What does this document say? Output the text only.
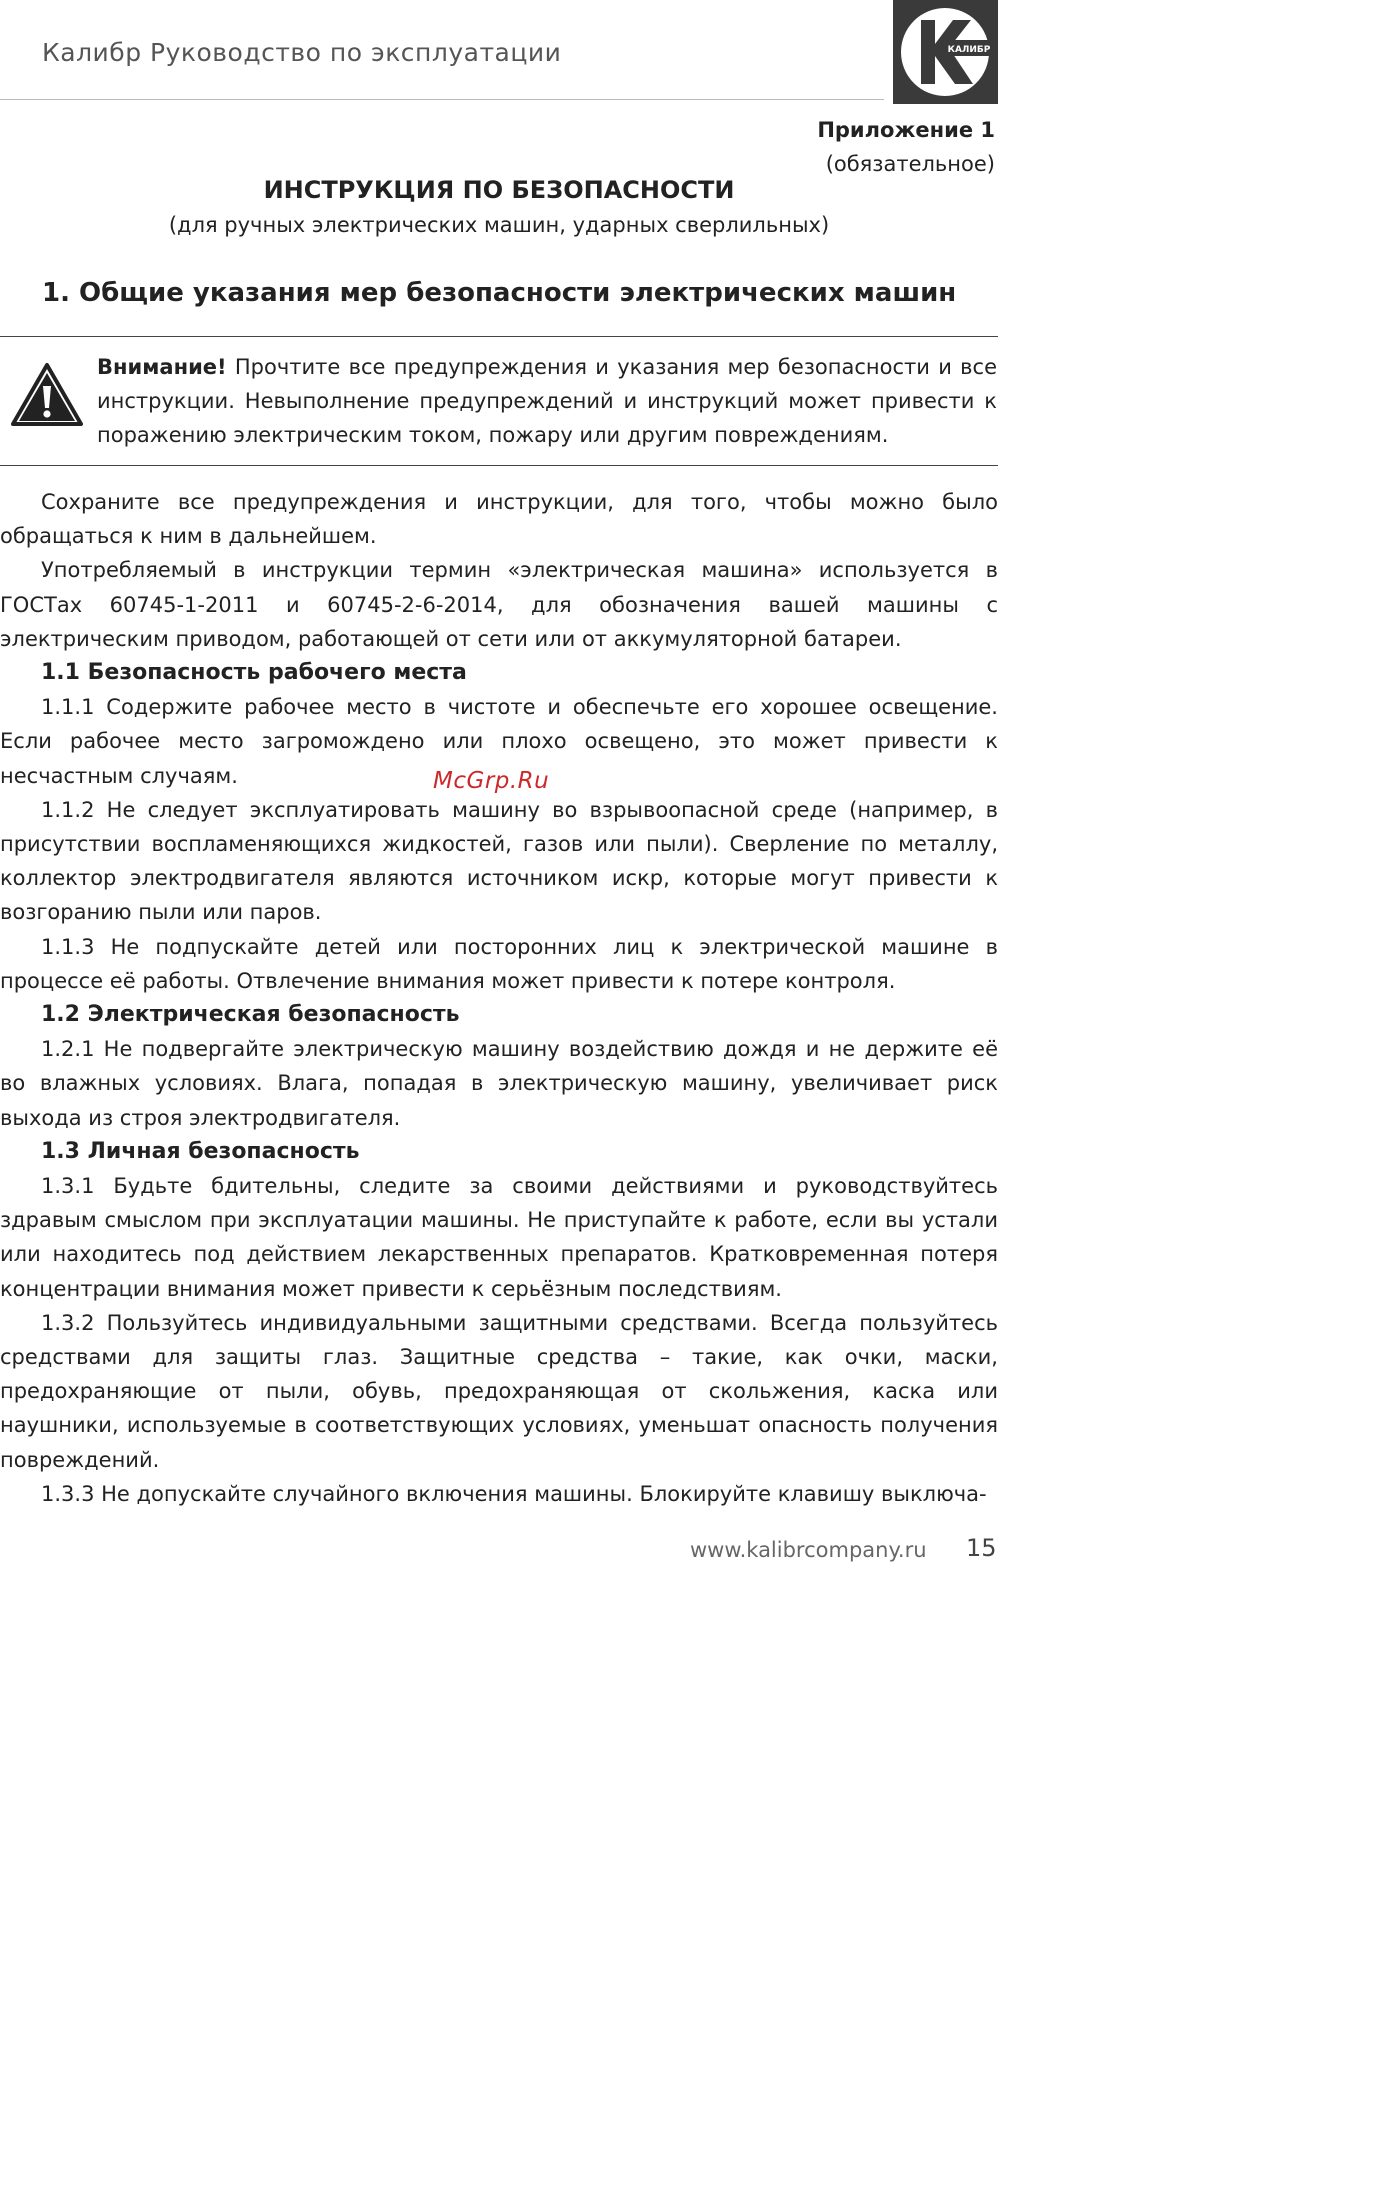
Калибр Руководство по эксплуатации	КАЛИБР
Приложение 1
(обязательное)
ИНСТРУКЦИЯ ПО БЕЗОПАСНОСТИ
(для ручных электрических машин, ударных сверлильных)
1. Общие указания мер безопасности электрических машин
Внимание! Прочтите все предупреждения и указания мер безопасности и все инструкции. Невыполнение предупреждений и инструкций может привести к поражению электрическим током, пожару или другим повреждениям.

Сохраните все предупреждения и инструкции, для того, чтобы можно было обращаться к ним в дальнейшем.

Употребляемый в инструкции термин «электрическая машина» используется в ГОСТах 60745-1-2011 и 60745-2-6-2014, для обозначения вашей машины с электрическим приводом, работающей от сети или от аккумуляторной батареи.

1.1 Безопасность рабочего места

1.1.1 Содержите рабочее место в чистоте и обеспечьте его хорошее освещение. Если рабочее место загромождено или плохо освещено, это может привести к несчастным случаям.

1.1.2 Не следует эксплуатировать машину во взрывоопасной среде (например, в присутствии воспламеняющихся жидкостей, газов или пыли). Сверление по металлу, коллектор электродвигателя являются источником искр, которые могут привести к возгоранию пыли или паров.

1.1.3 Не подпускайте детей или посторонних лиц к электрической машине в процессе её работы. Отвлечение внимания может привести к потере контроля.

1.2 Электрическая безопасность

1.2.1 Не подвергайте электрическую машину воздействию дождя и не держите её во влажных условиях. Влага, попадая в электрическую машину, увеличивает риск выхода из строя электродвигателя.

1.3 Личная безопасность

1.3.1 Будьте бдительны, следите за своими действиями и руководствуйтесь здравым смыслом при эксплуатации машины. Не приступайте к работе, если вы устали или находитесь под действием лекарственных препаратов. Кратковременная потеря концентрации внимания может привести к серьёзным последствиям.

1.3.2 Пользуйтесь индивидуальными защитными средствами. Всегда пользуйтесь средствами для защиты глаз. Защитные средства – такие, как очки, маски, предохраняющие от пыли, обувь, предохраняющая от скольжения, каска или наушники, используемые в соответствующих условиях, уменьшат опасность получения повреждений.

1.3.3 Не допускайте случайного включения машины. Блокируйте клавишу выключа-

McGrp.Ru
www.kalibrcompany.ru 15
